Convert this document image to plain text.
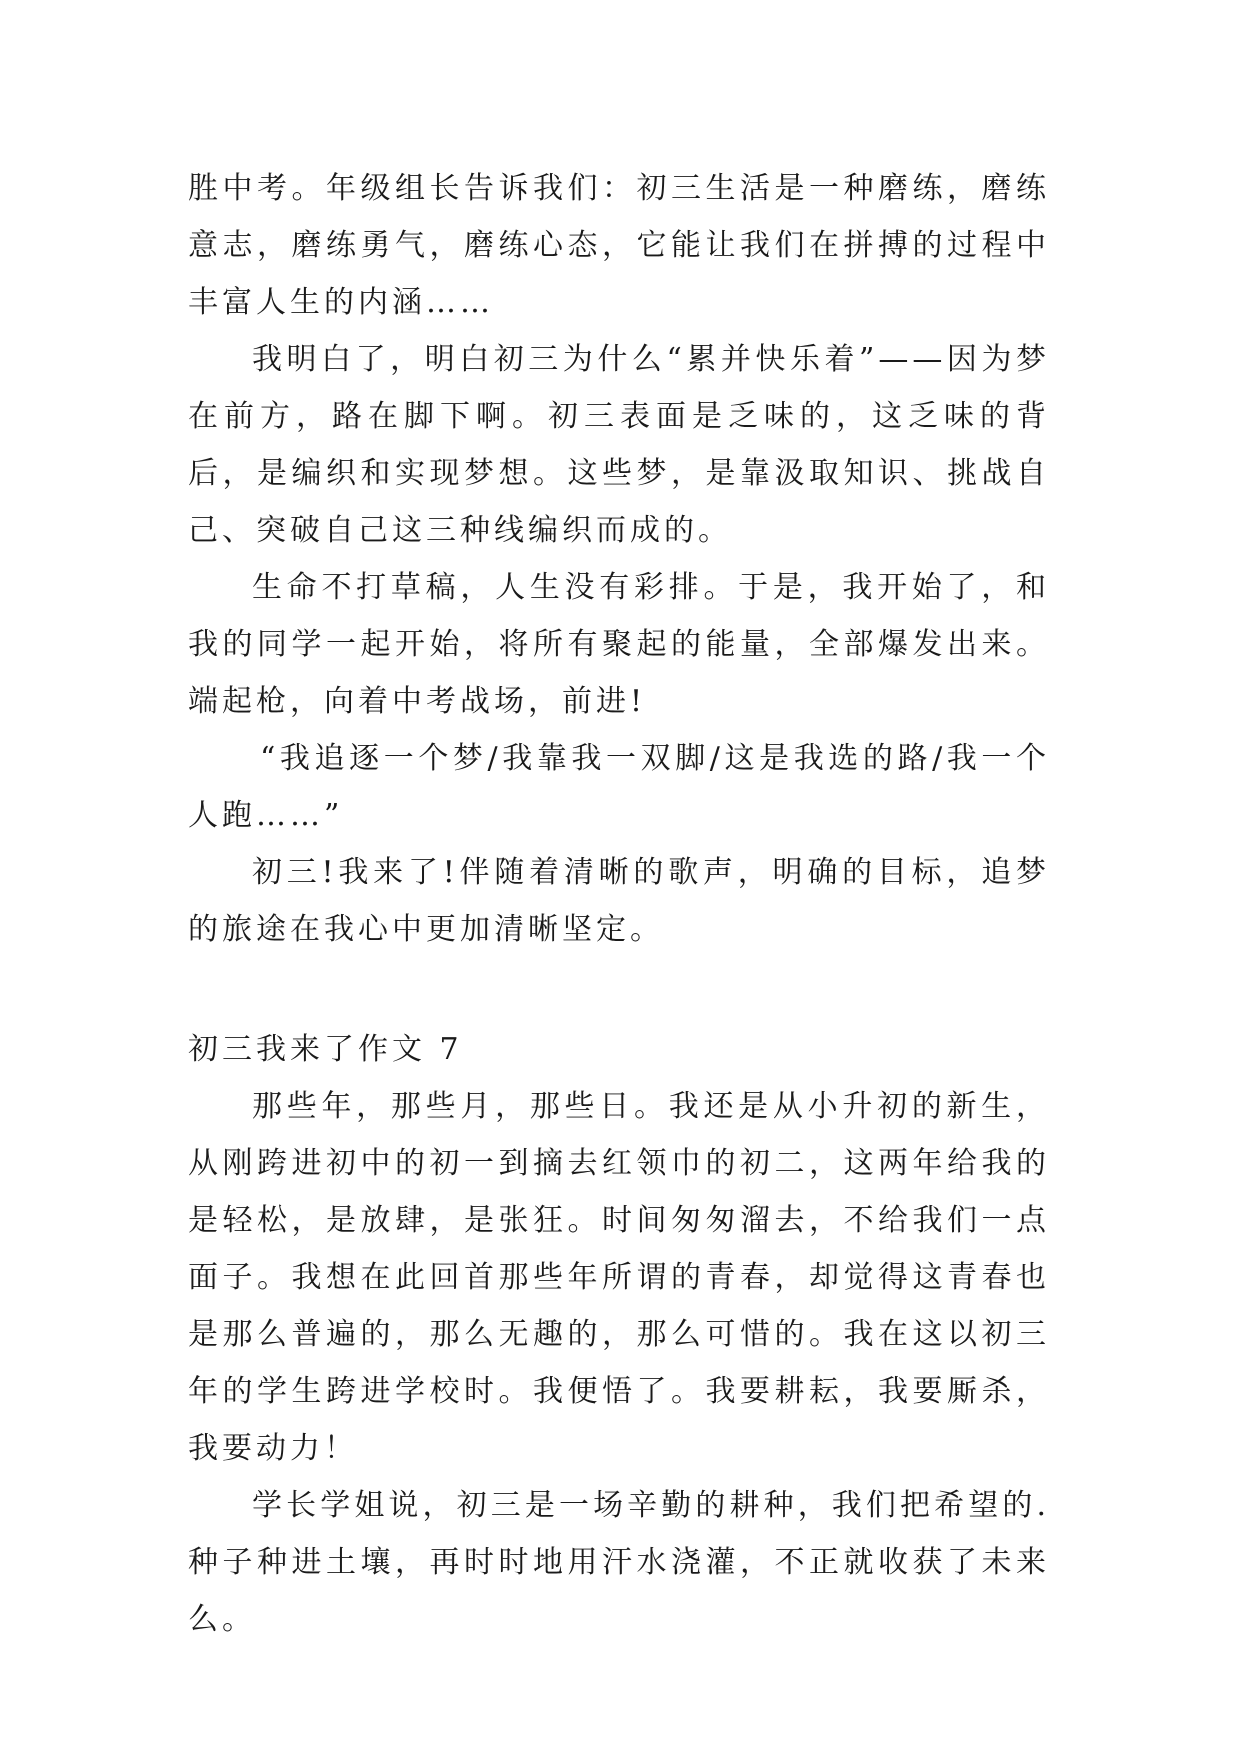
胜中考。年级组长告诉我们：初三生活是一种磨练，磨练意志，磨练勇气，磨练心态，它能让我们在拼搏的过程中丰富人生的内涵……

我明白了，明白初三为什么“累并快乐着”——因为梦在前方，路在脚下啊。初三表面是乏味的，这乏味的背后，是编织和实现梦想。这些梦，是靠汲取知识、挑战自己、突破自己这三种线编织而成的。

生命不打草稿，人生没有彩排。于是，我开始了，和我的同学一起开始，将所有聚起的能量，全部爆发出来。端起枪，向着中考战场，前进!

“我追逐一个梦/我靠我一双脚/这是我选的路/我一个人跑……”

初三!我来了!伴随着清晰的歌声，明确的目标，追梦的旅途在我心中更加清晰坚定。

初三我来了作文 7

那些年，那些月，那些日。我还是从小升初的新生，从刚跨进初中的初一到摘去红领巾的初二，这两年给我的是轻松，是放肆，是张狂。时间匆匆溜去，不给我们一点面子。我想在此回首那些年所谓的青春，却觉得这青春也是那么普遍的，那么无趣的，那么可惜的。我在这以初三年的学生跨进学校时。我便悟了。我要耕耘，我要厮杀，我要动力！

学长学姐说，初三是一场辛勤的耕种，我们把希望的.种子种进土壤，再时时地用汗水浇灌，不正就收获了未来么。
